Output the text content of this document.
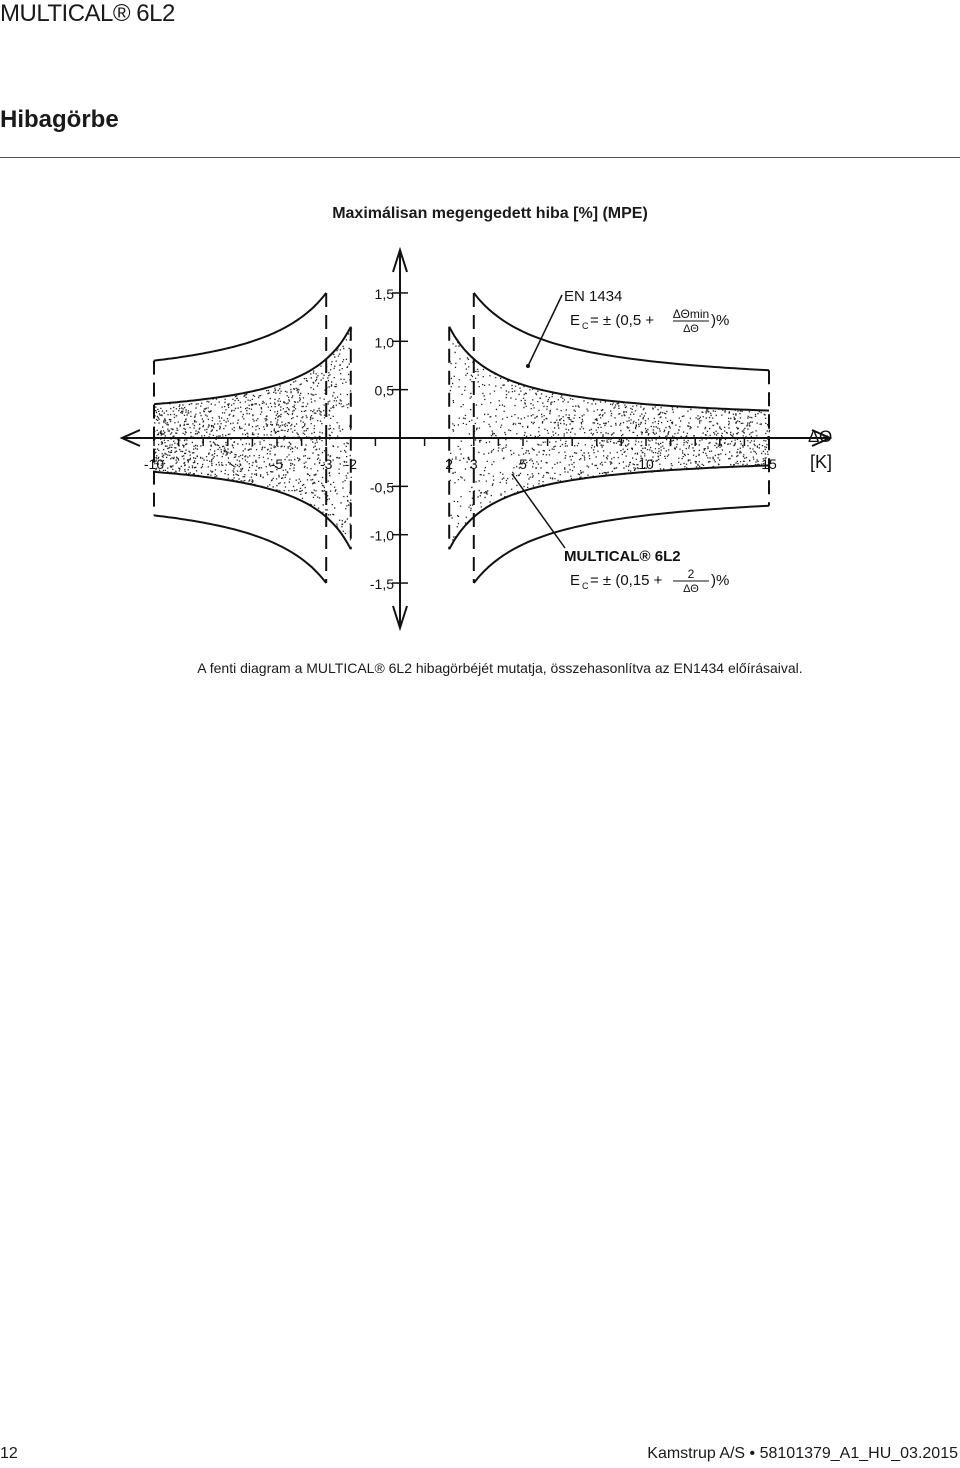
MULTICAL® 6L2
Hibagörbe
Maximálisan megengedett hiba [%] (MPE)
-10	-5	-3 -2	2 3	5	10	15
1,5
1,0
0,5
-0,5
-1,0
-1,5
ΔΘ
[K]
EN 1434
E C = ± (0,5 + ΔΘmin
ΔΘ )%
MULTICAL® 6L2
E C = ± (0,15 + 2
ΔΘ )%
A fenti diagram a MULTICAL® 6L2 hibagörbéjét mutatja, összehasonlítva az EN1434 előírásaival.
12	Kamstrup A/S • 58101379_A1_HU_03.2015
